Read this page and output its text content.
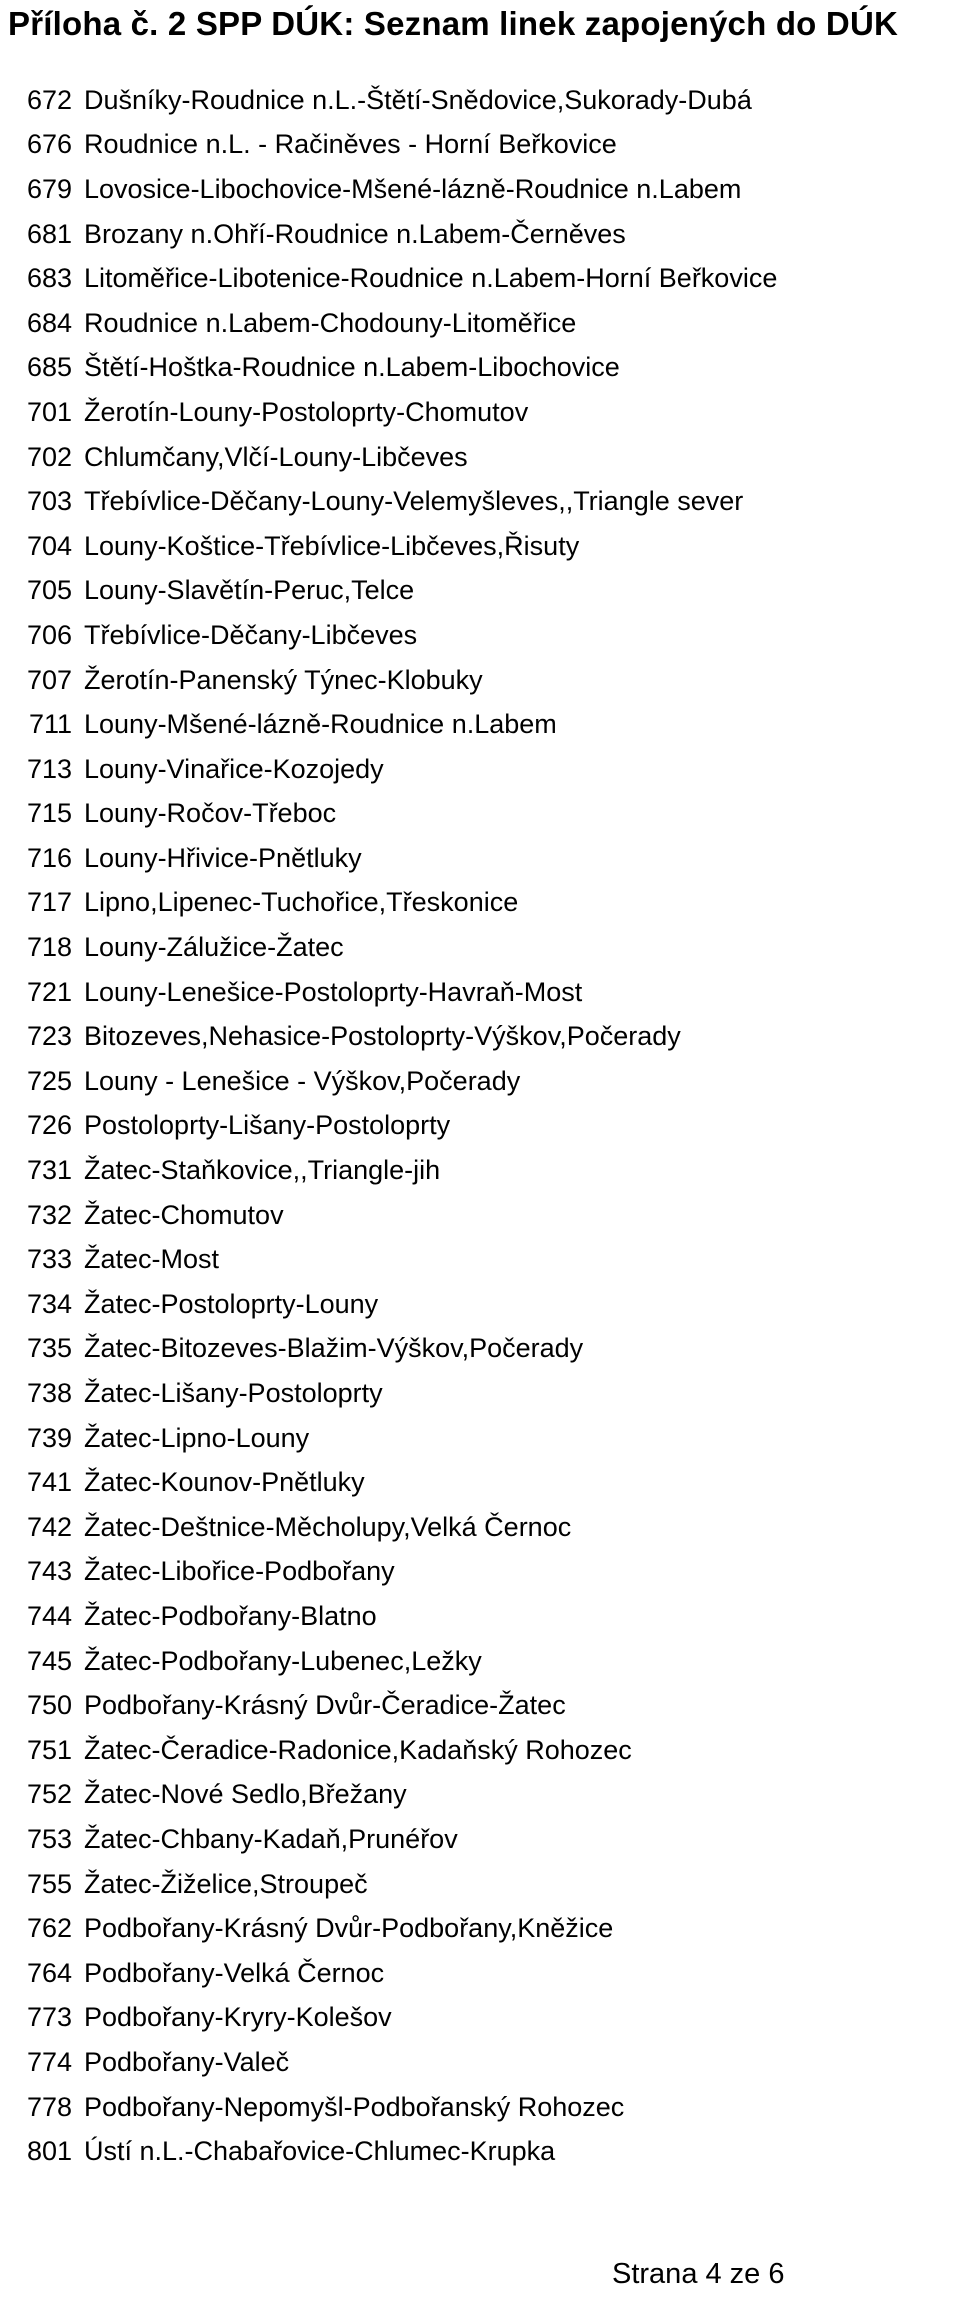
Příloha č. 2 SPP DÚK: Seznam linek zapojených do DÚK
672 Dušníky-Roudnice n.L.-Štětí-Snědovice,Sukorady-Dubá
676 Roudnice n.L. - Račiněves - Horní Beřkovice
679 Lovosice-Libochovice-Mšené-lázně-Roudnice n.Labem
681 Brozany n.Ohří-Roudnice n.Labem-Černěves
683 Litoměřice-Libotenice-Roudnice n.Labem-Horní Beřkovice
684 Roudnice n.Labem-Chodouny-Litoměřice
685 Štětí-Hoštka-Roudnice n.Labem-Libochovice
701 Žerotín-Louny-Postoloprty-Chomutov
702 Chlumčany,Vlčí-Louny-Libčeves
703 Třebívlice-Děčany-Louny-Velemyšleves,,Triangle sever
704 Louny-Koštice-Třebívlice-Libčeves,Řisuty
705 Louny-Slavětín-Peruc,Telce
706 Třebívlice-Děčany-Libčeves
707 Žerotín-Panenský Týnec-Klobuky
711 Louny-Mšené-lázně-Roudnice n.Labem
713 Louny-Vinařice-Kozojedy
715 Louny-Ročov-Třeboc
716 Louny-Hřivice-Pnětluky
717 Lipno,Lipenec-Tuchořice,Třeskonice
718 Louny-Zálužice-Žatec
721 Louny-Lenešice-Postoloprty-Havraň-Most
723 Bitozeves,Nehasice-Postoloprty-Výškov,Počerady
725 Louny - Lenešice - Výškov,Počerady
726 Postoloprty-Lišany-Postoloprty
731 Žatec-Staňkovice,,Triangle-jih
732 Žatec-Chomutov
733 Žatec-Most
734 Žatec-Postoloprty-Louny
735 Žatec-Bitozeves-Blažim-Výškov,Počerady
738 Žatec-Lišany-Postoloprty
739 Žatec-Lipno-Louny
741 Žatec-Kounov-Pnětluky
742 Žatec-Deštnice-Měcholupy,Velká Černoc
743 Žatec-Libořice-Podbořany
744 Žatec-Podbořany-Blatno
745 Žatec-Podbořany-Lubenec,Ležky
750 Podbořany-Krásný Dvůr-Čeradice-Žatec
751 Žatec-Čeradice-Radonice,Kadaňský Rohozec
752 Žatec-Nové Sedlo,Břežany
753 Žatec-Chbany-Kadaň,Prunéřov
755 Žatec-Žiželice,Stroupeč
762 Podbořany-Krásný Dvůr-Podbořany,Kněžice
764 Podbořany-Velká Černoc
773 Podbořany-Kryry-Kolešov
774 Podbořany-Valeč
778 Podbořany-Nepomyšl-Podbořanský Rohozec
801 Ústí n.L.-Chabařovice-Chlumec-Krupka
Strana 4 ze 6
